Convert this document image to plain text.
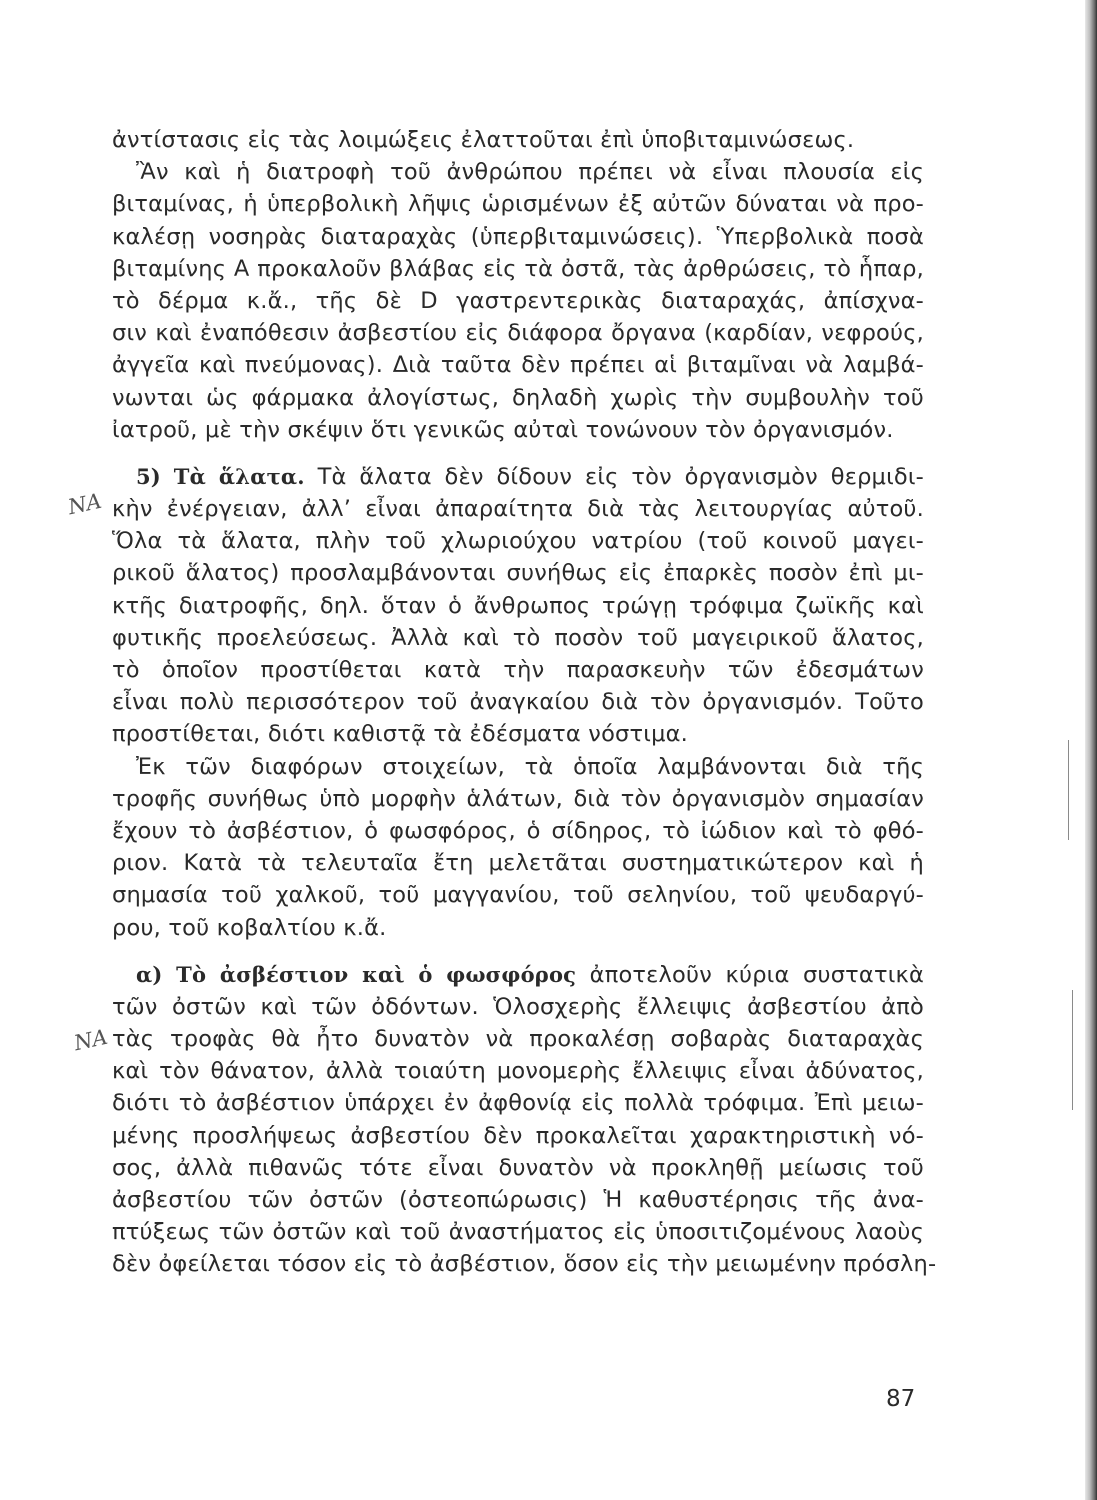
ΝΑ
ΝΑ
ἀντίστασις εἰς τὰς λοιμώξεις ἐλαττοῦται ἐπὶ ὑποβιταμινώσεως.
Ἂν καὶ ἡ διατροφὴ τοῦ ἀνθρώπου πρέπει νὰ εἶναι πλουσία εἰς
βιταμίνας, ἡ ὑπερβολικὴ λῆψις ὡρισμένων ἐξ αὐτῶν δύναται νὰ προ-
καλέσῃ νοσηρὰς διαταραχὰς (ὑπερβιταμινώσεις). Ὑπερβολικὰ ποσὰ
βιταμίνης Α προκαλοῦν βλάβας εἰς τὰ ὀστᾶ, τὰς ἀρθρώσεις, τὸ ἧπαρ,
τὸ δέρμα κ.ἄ., τῆς δὲ D γαστρεντερικὰς διαταραχάς, ἀπίσχνα-
σιν καὶ ἐναπόθεσιν ἀσβεστίου εἰς διάφορα ὄργανα (καρδίαν, νεφρούς,
ἀγγεῖα καὶ πνεύμονας). Διὰ ταῦτα δὲν πρέπει αἱ βιταμῖναι νὰ λαμβά-
νωνται ὡς φάρμακα ἀλογίστως, δηλαδὴ χωρὶς τὴν συμβουλὴν τοῦ
ἰατροῦ, μὲ τὴν σκέψιν ὅτι γενικῶς αὐταὶ τονώνουν τὸν ὀργανισμόν.
5) Τὰ ἅλατα. Τὰ ἅλατα δὲν δίδουν εἰς τὸν ὀργανισμὸν θερμιδι-
κὴν ἐνέργειαν, ἀλλ’ εἶναι ἀπαραίτητα διὰ τὰς λειτουργίας αὐτοῦ.
Ὅλα τὰ ἅλατα, πλὴν τοῦ χλωριούχου νατρίου (τοῦ κοινοῦ μαγει-
ρικοῦ ἅλατος) προσλαμβάνονται συνήθως εἰς ἐπαρκὲς ποσὸν ἐπὶ μι-
κτῆς διατροφῆς, δηλ. ὅταν ὁ ἄνθρωπος τρώγῃ τρόφιμα ζωϊκῆς καὶ
φυτικῆς προελεύσεως. Ἀλλὰ καὶ τὸ ποσὸν τοῦ μαγειρικοῦ ἅλατος,
τὸ ὁποῖον προστίθεται κατὰ τὴν παρασκευὴν τῶν ἐδεσμάτων
εἶναι πολὺ περισσότερον τοῦ ἀναγκαίου διὰ τὸν ὀργανισμόν. Τοῦτο
προστίθεται, διότι καθιστᾷ τὰ ἐδέσματα νόστιμα.
Ἐκ τῶν διαφόρων στοιχείων, τὰ ὁποῖα λαμβάνονται διὰ τῆς
τροφῆς συνήθως ὑπὸ μορφὴν ἁλάτων, διὰ τὸν ὀργανισμὸν σημασίαν
ἔχουν τὸ ἀσβέστιον, ὁ φωσφόρος, ὁ σίδηρος, τὸ ἰώδιον καὶ τὸ φθό-
ριον. Κατὰ τὰ τελευταῖα ἔτη μελετᾶται συστηματικώτερον καὶ ἡ
σημασία τοῦ χαλκοῦ, τοῦ μαγγανίου, τοῦ σεληνίου, τοῦ ψευδαργύ-
ρου, τοῦ κοβαλτίου κ.ἄ.
α) Τὸ ἀσβέστιον καὶ ὁ φωσφόρος ἀποτελοῦν κύρια συστατικὰ
τῶν ὀστῶν καὶ τῶν ὀδόντων. Ὁλοσχερὴς ἔλλειψις ἀσβεστίου ἀπὸ
τὰς τροφὰς θὰ ἦτο δυνατὸν νὰ προκαλέσῃ σοβαρὰς διαταραχὰς
καὶ τὸν θάνατον, ἀλλὰ τοιαύτη μονομερὴς ἔλλειψις εἶναι ἀδύνατος,
διότι τὸ ἀσβέστιον ὑπάρχει ἐν ἀφθονίᾳ εἰς πολλὰ τρόφιμα. Ἐπὶ μειω-
μένης προσλήψεως ἀσβεστίου δὲν προκαλεῖται χαρακτηριστικὴ νό-
σος, ἀλλὰ πιθανῶς τότε εἶναι δυνατὸν νὰ προκληθῇ μείωσις τοῦ
ἀσβεστίου τῶν ὀστῶν (ὀστεοπώρωσις) Ἡ καθυστέρησις τῆς ἀνα-
πτύξεως τῶν ὀστῶν καὶ τοῦ ἀναστήματος εἰς ὑποσιτιζομένους λαοὺς
δὲν ὀφείλεται τόσον εἰς τὸ ἀσβέστιον, ὅσον εἰς τὴν μειωμένην πρόσλη-
87
